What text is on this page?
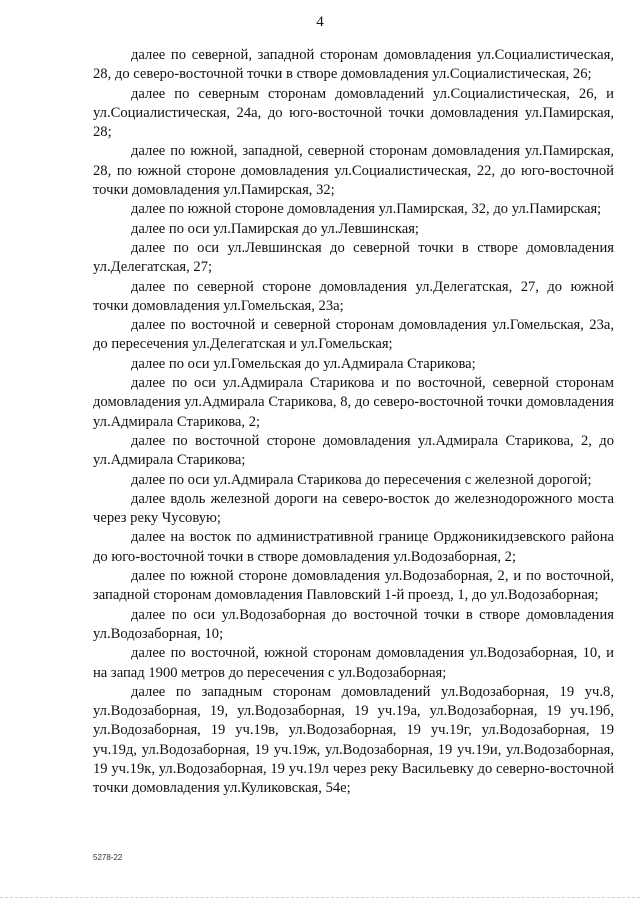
4

далее по северной, западной сторонам домовладения ул.Социалистическая, 28, до северо-восточной точки в створе домовладения ул.Социалистическая, 26;

далее по северным сторонам домовладений ул.Социалистическая, 26, и ул.Социалистическая, 24а, до юго-восточной точки домовладения ул.Памирская, 28;

далее по южной, западной, северной сторонам домовладения ул.Памирская, 28, по южной стороне домовладения ул.Социалистическая, 22, до юго-восточной точки домовладения ул.Памирская, 32;

далее по южной стороне домовладения ул.Памирская, 32, до ул.Памирская;

далее по оси ул.Памирская до ул.Левшинская;

далее по оси ул.Левшинская до северной точки в створе домовладения ул.Делегатская, 27;

далее по северной стороне домовладения ул.Делегатская, 27, до южной точки домовладения ул.Гомельская, 23а;

далее по восточной и северной сторонам домовладения ул.Гомельская, 23а, до пересечения ул.Делегатская и ул.Гомельская;

далее по оси ул.Гомельская до ул.Адмирала Старикова;

далее по оси ул.Адмирала Старикова и по восточной, северной сторонам домовладения ул.Адмирала Старикова, 8, до северо-восточной точки домовладения ул.Адмирала Старикова, 2;

далее по восточной стороне домовладения ул.Адмирала Старикова, 2, до ул.Адмирала Старикова;

далее по оси ул.Адмирала Старикова до пересечения с железной дорогой;

далее вдоль железной дороги на северо-восток до железнодорожного моста через реку Чусовую;

далее на восток по административной границе Орджоникидзевского района до юго-восточной точки в створе домовладения ул.Водозаборная, 2;

далее по южной стороне домовладения ул.Водозаборная, 2, и по восточной, западной сторонам домовладения Павловский 1-й проезд, 1, до ул.Водозаборная;

далее по оси ул.Водозаборная до восточной точки в створе домовладения ул.Водозаборная, 10;

далее по восточной, южной сторонам домовладения ул.Водозаборная, 10, и на запад 1900 метров до пересечения с ул.Водозаборная;

далее по западным сторонам домовладений ул.Водозаборная, 19 уч.8, ул.Водозаборная, 19, ул.Водозаборная, 19 уч.19а, ул.Водозаборная, 19 уч.19б, ул.Водозаборная, 19 уч.19в, ул.Водозаборная, 19 уч.19г, ул.Водозаборная, 19 уч.19д, ул.Водозаборная, 19 уч.19ж, ул.Водозаборная, 19 уч.19и, ул.Водозаборная, 19 уч.19к, ул.Водозаборная, 19 уч.19л через реку Васильевку до северно-восточной точки домовладения ул.Куликовская, 54е;

5278-22
